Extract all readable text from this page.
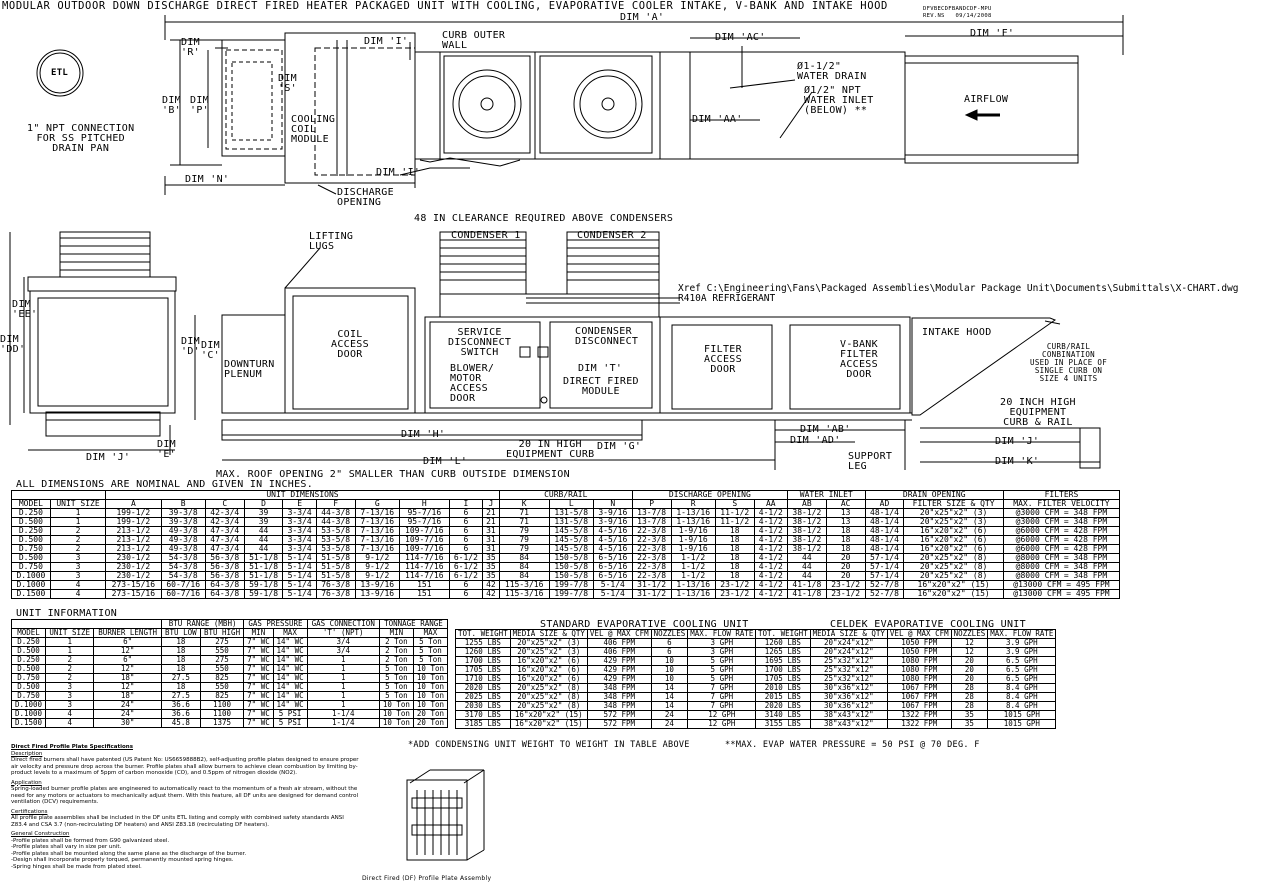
MODULAR OUTDOOR DOWN DISCHARGE DIRECT FIRED HEATER PACKAGED UNIT WITH COOLING, EVAPORATIVE COOLER INTAKE, V-BANK AND INTAKE HOOD	DFVBECDFBANDCDF-MPU
REV.NS   09/14/2008
ETL
DIM 'A'
DIM 'F'
DIM
'R'
DIM
'B'
DIM
'P'
DIM
'S'
DIM 'I'
CURB OUTER
WALL
DIM 'AC'
Ø1-1/2"
WATER DRAIN
Ø1/2" NPT
WATER INLET
(BELOW) **
DIM 'AA'
AIRFLOW
COOLING
COIL
MODULE
1" NPT CONNECTION
FOR SS PITCHED
DRAIN PAN
DIM 'N'
DISCHARGE
OPENING
DIM 'I'
48 IN CLEARANCE REQUIRED ABOVE CONDENSERS
LIFTING
LUGS
CONDENSER 1	CONDENSER 2
Xref C:\Engineering\Fans\Packaged Assemblies\Modular Package Unit\Documents\Submittals\X-CHART.dwg
R410A REFRIGERANT
DIM
'EE'
DIM
'DD'
DIM
'D'
DIM
'C'
DOWNTURN
PLENUM
COIL
ACCESS
DOOR
SERVICE
DISCONNECT
SWITCH
CONDENSER
DISCONNECT
BLOWER/
MOTOR
ACCESS
DOOR
DIM 'T'
DIRECT FIRED
MODULE
FILTER
ACCESS
DOOR
V-BANK
FILTER
ACCESS
DOOR
INTAKE HOOD
CURB/RAIL
CONBINATION
USED IN PLACE OF
SINGLE CURB ON
SIZE 4 UNITS
DIM 'H'
DIM 'J'
DIM
'E'
DIM 'L'
DIM 'G'
20 IN HIGH
EQUIPMENT CURB
DIM 'AB'
DIM 'AD'
SUPPORT
LEG
20 INCH HIGH
EQUIPMENT
CURB & RAIL
DIM 'J'
DIM 'K'
MAX. ROOF OPENING 2" SMALLER THAN CURB OUTSIDE DIMENSION
ALL DIMENSIONS ARE NOMINAL AND GIVEN IN INCHES.
		UNIT DIMENSIONS										CURB/RAIL			DISCHARGE OPENING				WATER INLET		DRAIN OPENING		FILTERS
MODEL	UNIT SIZE	A	B	C	D	E	F	G	H	I	J	K	L	N	P	R	S	AA	AB	AC	AD	FILTER SIZE & QTY	MAX. FILTER VELOCITY
D.250	1	199-1/2	39-3/8	42-3/4	39	3-3/4	44-3/8	7-13/16	95-7/16	6	21	71	131-5/8	3-9/16	13-7/8	1-13/16	11-1/2	4-1/2	38-1/2	13	48-1/4	20"x25"x2" (3)	@3000 CFM = 348 FPM
D.500	1	199-1/2	39-3/8	42-3/4	39	3-3/4	44-3/8	7-13/16	95-7/16	6	21	71	131-5/8	3-9/16	13-7/8	1-13/16	11-1/2	4-1/2	38-1/2	13	48-1/4	20"x25"x2" (3)	@3000 CFM = 348 FPM
D.250	2	213-1/2	49-3/8	47-3/4	44	3-3/4	53-5/8	7-13/16	109-7/16	6	31	79	145-5/8	4-5/16	22-3/8	1-9/16	18	4-1/2	38-1/2	18	48-1/4	16"x20"x2" (6)	@6000 CFM = 428 FPM
D.500	2	213-1/2	49-3/8	47-3/4	44	3-3/4	53-5/8	7-13/16	109-7/16	6	31	79	145-5/8	4-5/16	22-3/8	1-9/16	18	4-1/2	38-1/2	18	48-1/4	16"x20"x2" (6)	@6000 CFM = 428 FPM
D.750	2	213-1/2	49-3/8	47-3/4	44	3-3/4	53-5/8	7-13/16	109-7/16	6	31	79	145-5/8	4-5/16	22-3/8	1-9/16	18	4-1/2	38-1/2	18	48-1/4	16"x20"x2" (6)	@6000 CFM = 428 FPM
D.500	3	230-1/2	54-3/8	56-3/8	51-1/8	5-1/4	51-5/8	9-1/2	114-7/16	6-1/2	35	84	150-5/8	6-5/16	22-3/8	1-1/2	18	4-1/2	44	20	57-1/4	20"x25"x2" (8)	@8000 CFM = 348 FPM
D.750	3	230-1/2	54-3/8	56-3/8	51-1/8	5-1/4	51-5/8	9-1/2	114-7/16	6-1/2	35	84	150-5/8	6-5/16	22-3/8	1-1/2	18	4-1/2	44	20	57-1/4	20"x25"x2" (8)	@8000 CFM = 348 FPM
D.1000	3	230-1/2	54-3/8	56-3/8	51-1/8	5-1/4	51-5/8	9-1/2	114-7/16	6-1/2	35	84	150-5/8	6-5/16	22-3/8	1-1/2	18	4-1/2	44	20	57-1/4	20"x25"x2" (8)	@8000 CFM = 348 FPM
D.1000	4	273-15/16	60-7/16	64-3/8	59-1/8	5-1/4	76-3/8	13-9/16	151	6	42	115-3/16	199-7/8	5-1/4	31-1/2	1-13/16	23-1/2	4-1/2	41-1/8	23-1/2	52-7/8	16"x20"x2" (15)	@13000 CFM = 495 FPM
D.1500	4	273-15/16	60-7/16	64-3/8	59-1/8	5-1/4	76-3/8	13-9/16	151	6	42	115-3/16	199-7/8	5-1/4	31-1/2	1-13/16	23-1/2	4-1/2	41-1/8	23-1/2	52-7/8	16"x20"x2" (15)	@13000 CFM = 495 FPM
UNIT INFORMATION
			BTU RANGE (MBH)		GAS PRESSURE		GAS CONNECTION	TONNAGE RANGE	
MODEL	UNIT SIZE	BURNER LENGTH	BTU LOW	BTU HIGH	MIN	MAX	'T' (NPT)	MIN	MAX
D.250	1	6"	18	275	7" WC	14" WC	3/4	2 Ton	5 Ton
D.500	1	12"	18	550	7" WC	14" WC	3/4	2 Ton	5 Ton
D.250	2	6"	18	275	7" WC	14" WC	1	2 Ton	5 Ton
D.500	2	12"	18	550	7" WC	14" WC	1	5 Ton	10 Ton
D.750	2	18"	27.5	825	7" WC	14" WC	1	5 Ton	10 Ton
D.500	3	12"	18	550	7" WC	14" WC	1	5 Ton	10 Ton
D.750	3	18"	27.5	825	7" WC	14" WC	1	5 Ton	10 Ton
D.1000	3	24"	36.6	1100	7" WC	14" WC	1	10 Ton	10 Ton
D.1000	4	24"	36.6	1100	7" WC	5 PSI	1-1/4	10 Ton	20 Ton
D.1500	4	30"	45.8	1375	7" WC	5 PSI	1-1/4	10 Ton	20 Ton
STANDARD EVAPORATIVE COOLING UNIT
TOT. WEIGHT	MEDIA SIZE & QTY	VEL @ MAX CFM	NOZZLES	MAX. FLOW RATE
1255 LBS	20"x25"x2" (3)	406 FPM	6	3 GPH
1260 LBS	20"x25"x2" (3)	406 FPM	6	3 GPH
1700 LBS	16"x20"x2" (6)	429 FPM	10	5 GPH
1705 LBS	16"x20"x2" (6)	429 FPM	10	5 GPH
1710 LBS	16"x20"x2" (6)	429 FPM	10	5 GPH
2020 LBS	20"x25"x2" (8)	348 FPM	14	7 GPH
2025 LBS	20"x25"x2" (8)	348 FPM	14	7 GPH
2030 LBS	20"x25"x2" (8)	348 FPM	14	7 GPH
3170 LBS	16"x20"x2" (15)	572 FPM	24	12 GPH
3185 LBS	16"x20"x2" (15)	572 FPM	24	12 GPH
CELDEK EVAPORATIVE COOLING UNIT
TOT. WEIGHT	MEDIA SIZE & QTY	VEL @ MAX CFM	NOZZLES	MAX. FLOW RATE
1260 LBS	20"x24"x12"	1050 FPM	12	3.9 GPH
1265 LBS	20"x24"x12"	1050 FPM	12	3.9 GPH
1695 LBS	25"x32"x12"	1080 FPM	20	6.5 GPH
1700 LBS	25"x32"x12"	1080 FPM	20	6.5 GPH
1705 LBS	25"x32"x12"	1080 FPM	20	6.5 GPH
2010 LBS	30"x36"x12"	1067 FPM	28	8.4 GPH
2015 LBS	30"x36"x12"	1067 FPM	28	8.4 GPH
2020 LBS	30"x36"x12"	1067 FPM	28	8.4 GPH
3140 LBS	38"x43"x12"	1322 FPM	35	1015 GPH
3155 LBS	38"x43"x12"	1322 FPM	35	1015 GPH
*ADD CONDENSING UNIT WEIGHT TO WEIGHT IN TABLE ABOVE	**MAX. EVAP WATER PRESSURE = 50 PSI @ 70 DEG. F
Direct Fired Profile Plate Specifications
Description
Direct fired burners shall have patented (US Patent No: US6659888B2), self-adjusting profile plates designed to ensure proper air velocity and pressure drop across the burner. Profile plates shall allow burners to achieve clean combustion by limiting by-product levels to a maximum of 5ppm of carbon monoxide (CO), and 0.5ppm of nitrogen dioxide (NO2).
Application
Spring-loaded burner profile plates are engineered to automatically react to the momentum of a fresh air stream, without the need for any motors or actuators to mechanically adjust them. With this feature, all DF units are designed for demand control ventilation (DCV) requirements.
Certifications
All profile plate assemblies shall be included in the DF units ETL listing and comply with combined safety standards ANSI Z83.4 and CSA 3.7 (non-recirculating DF heaters) and ANSI Z83.18 (recirculating DF heaters).
General Construction
-Profile plates shall be formed from G90 galvanized steel.
-Profile plates shall vary in size per unit.
-Profile plates shall be mounted along the same plane as the discharge of the burner.
-Design shall incorporate properly torqued, permanently mounted spring hinges.
-Spring hinges shall be made from plated steel.
Direct Fired (DF) Profile Plate Assembly
